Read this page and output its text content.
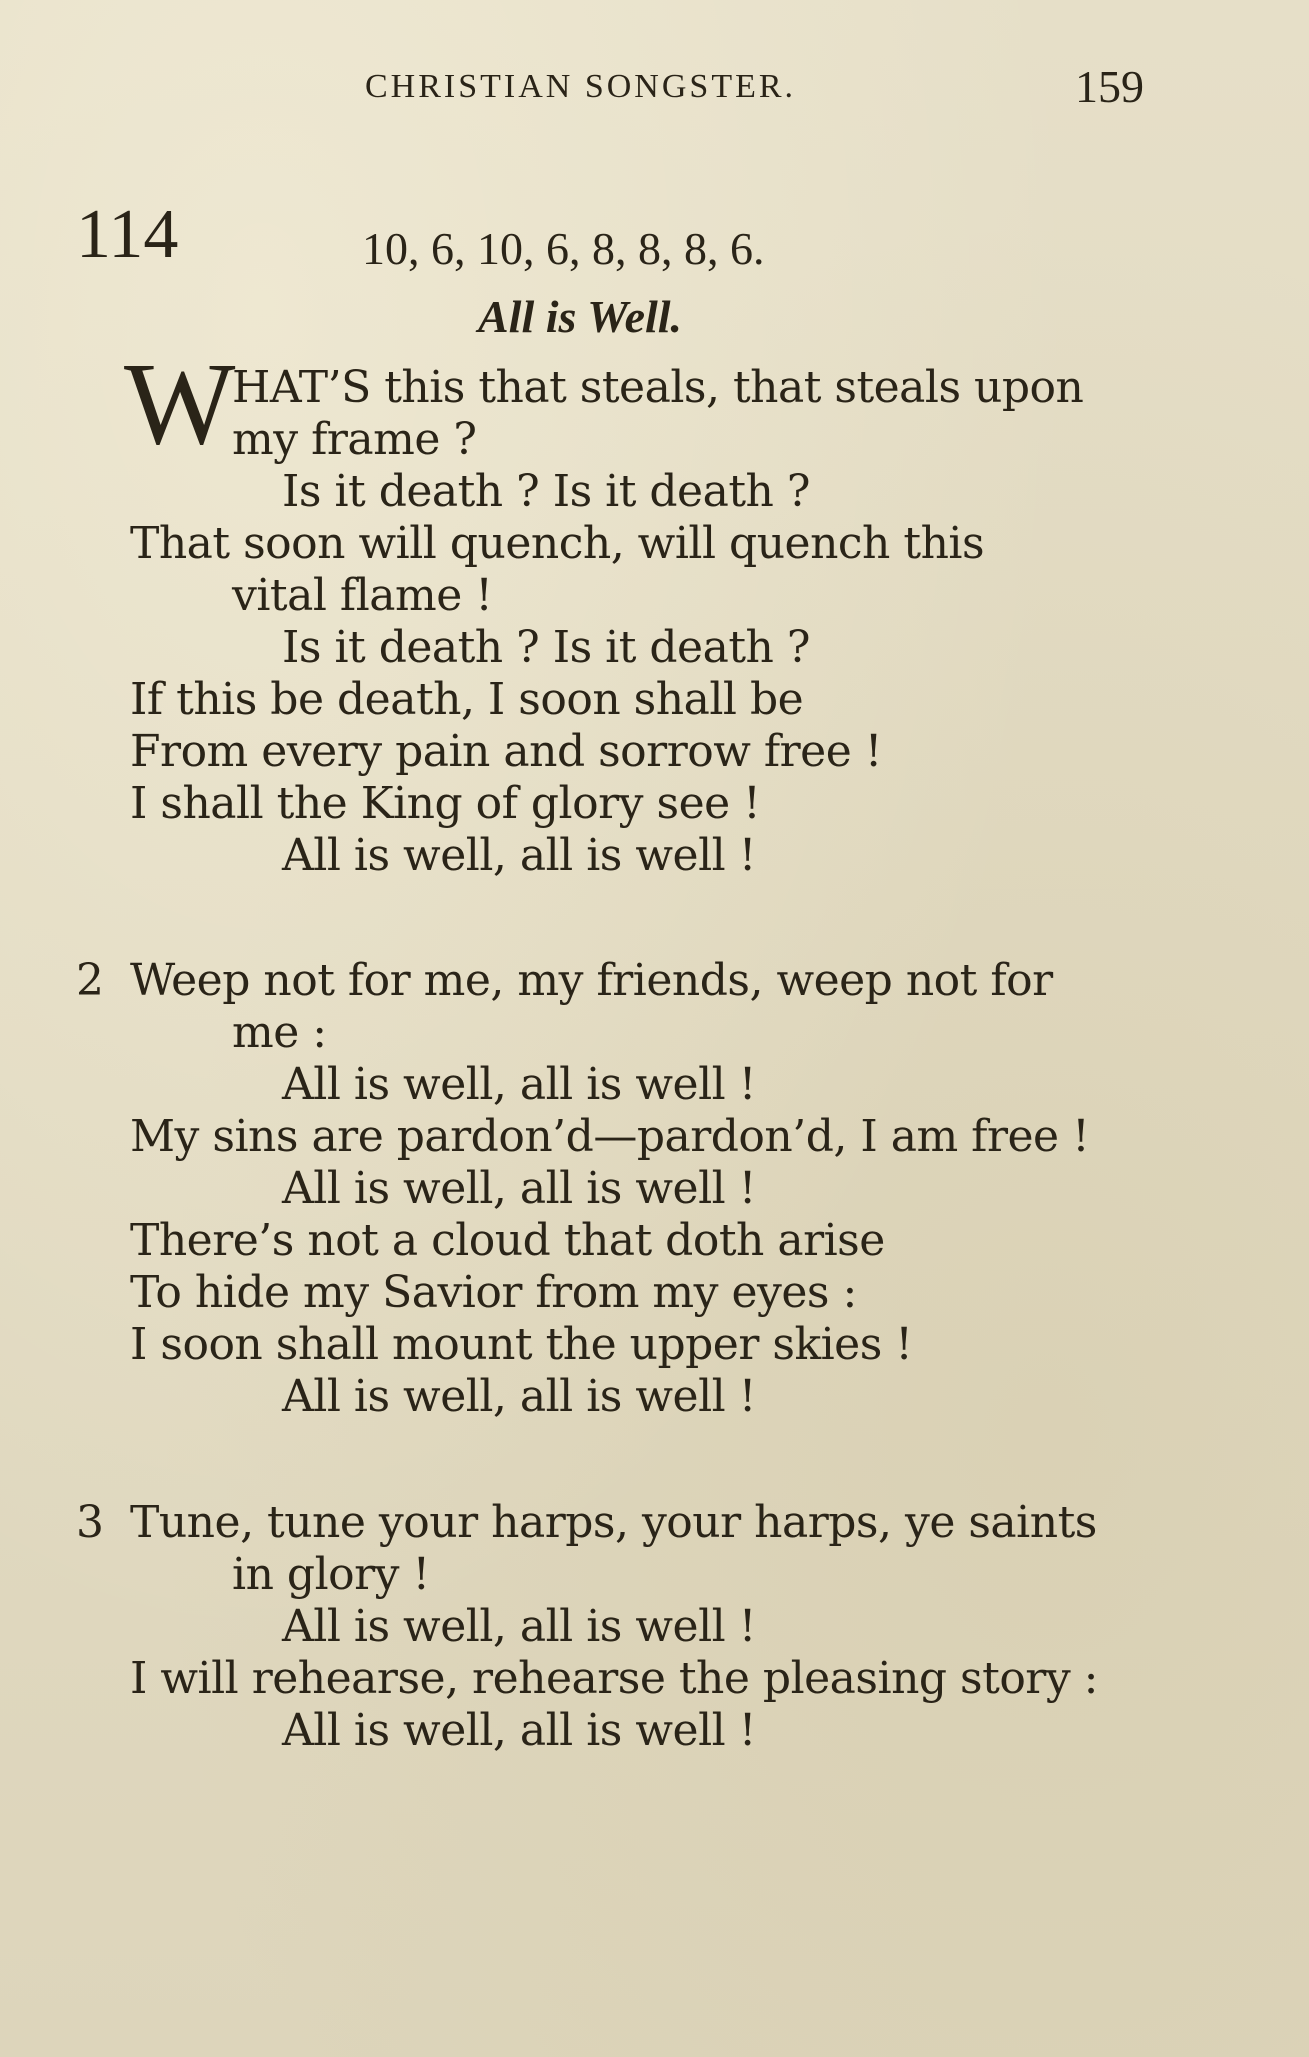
CHRISTIAN SONGSTER.	159
114	10, 6, 10, 6, 8, 8, 8, 6.
All is Well.
W
HAT’S this that steals, that steals upon
my frame ?
Is it death ? Is it death ?
That soon will quench, will quench this
vital flame !
Is it death ? Is it death ?
If this be death, I soon shall be
From every pain and sorrow free !
I shall the King of glory see !
All is well, all is well !
2 Weep not for me, my friends, weep not for
me :
All is well, all is well !
My sins are pardon’d—pardon’d, I am free !
All is well, all is well !
There’s not a cloud that doth arise
To hide my Savior from my eyes :
I soon shall mount the upper skies !
All is well, all is well !
3 Tune, tune your harps, your harps, ye saints
in glory !
All is well, all is well !
I will rehearse, rehearse the pleasing story :
All is well, all is well !
